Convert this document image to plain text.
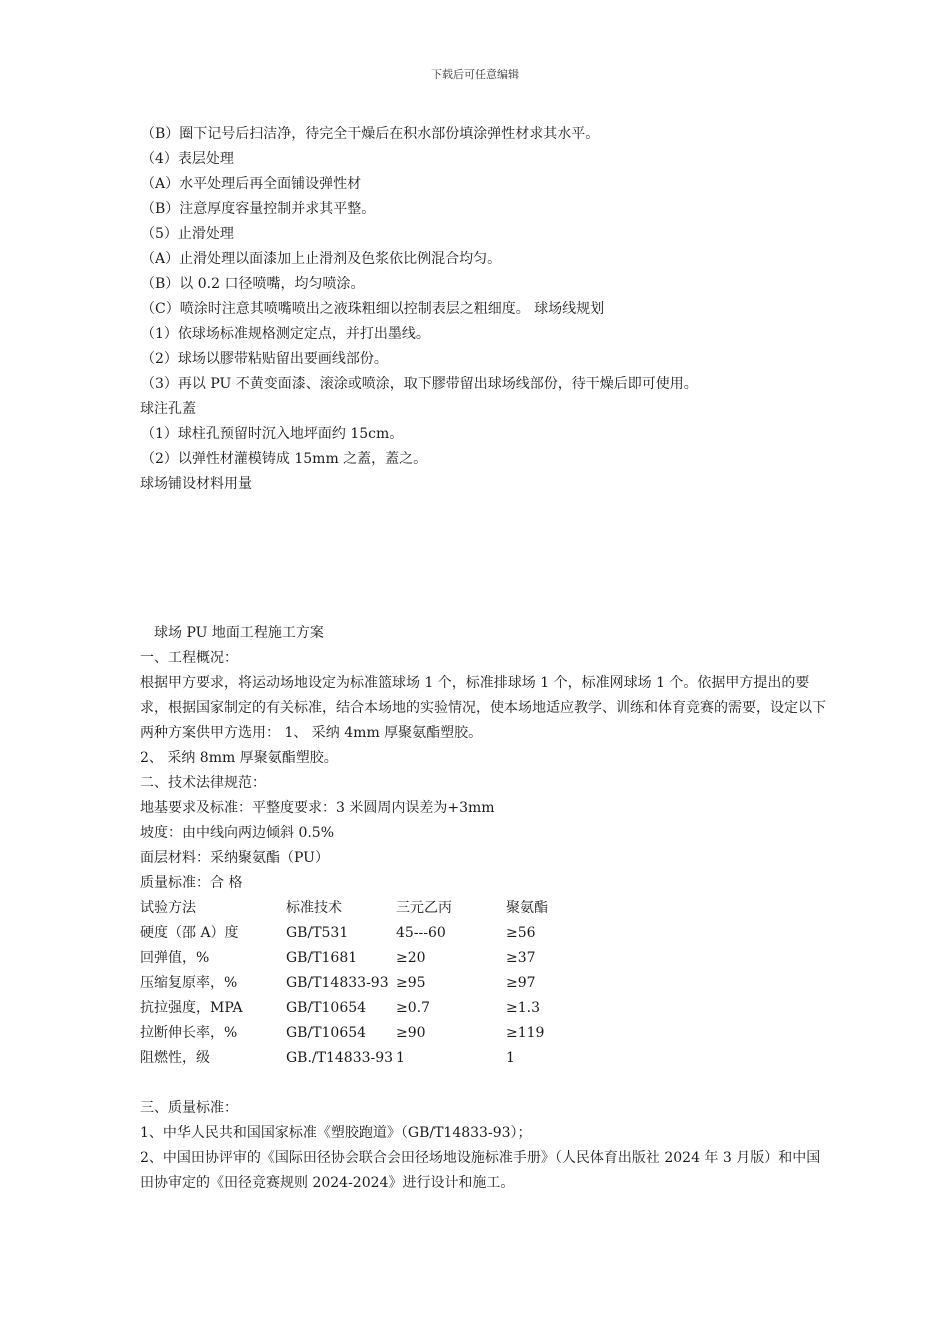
下载后可任意编辑
（B）圈下记号后扫洁净，待完全干燥后在积水部份填涂弹性材求其水平。
（4）表层处理
（A）水平处理后再全面铺设弹性材
（B）注意厚度容量控制并求其平整。
（5）止滑处理
（A）止滑处理以面漆加上止滑剂及色浆依比例混合均匀。
（B）以 0.2 口径喷嘴，均匀喷涂。
（C）喷涂时注意其喷嘴喷出之液珠粗细以控制表层之粗细度。 球场线规划
（1）依球场标准规格测定定点，并打出墨线。
（2）球场以膠带粘贴留出要画线部份。
（3）再以 PU 不黄变面漆、滚涂或喷涂，取下膠带留出球场线部份，待干燥后即可使用。
球注孔蓋
（1）球柱孔预留时沉入地坪面约 15cm。
（2）以弹性材灌模铸成 15mm 之蓋，蓋之。
球场铺设材料用量
球场 PU 地面工程施工方案
一、工程概况：
根据甲方要求，将运动场地设定为标准篮球场 1 个，标准排球场 1 个，标准网球场 1 个。依据甲方提出的要求，根据国家制定的有关标准，结合本场地的实验情况，使本场地适应教学、训练和体育竞赛的需要，设定以下两种方案供甲方选用： 1、 采纳 4mm 厚聚氨酯塑胶。
2、 采纳 8mm 厚聚氨酯塑胶。
二、技术法律规范：
地基要求及标准：平整度要求：3 米圆周内误差为+3mm
坡度：由中线向两边倾斜 0.5%
面层材料：采纳聚氨酯（PU）
质量标准：合 格
试验方法	标准技术	三元乙丙	聚氨酯
硬度（邵 A）度	GB/T531	45---60	≥56
回弹值，%	GB/T1681	≥20	≥37
压缩复原率，%	GB/T14833-93 ≥95	≥97
抗拉强度，MPA	GB/T10654	≥0.7	≥1.3
拉断伸长率，%	GB/T10654	≥90	≥119
阻燃性，级	GB./T14833-93 1	1
三、质量标准：
1、中华人民共和国国家标准《塑胶跑道》（GB/T14833-93）；
2、中国田协评审的《国际田径协会联合会田径场地设施标准手册》（人民体育出版社 2024 年 3 月版）和中国田协审定的《田径竞赛规则 2024-2024》进行设计和施工。
